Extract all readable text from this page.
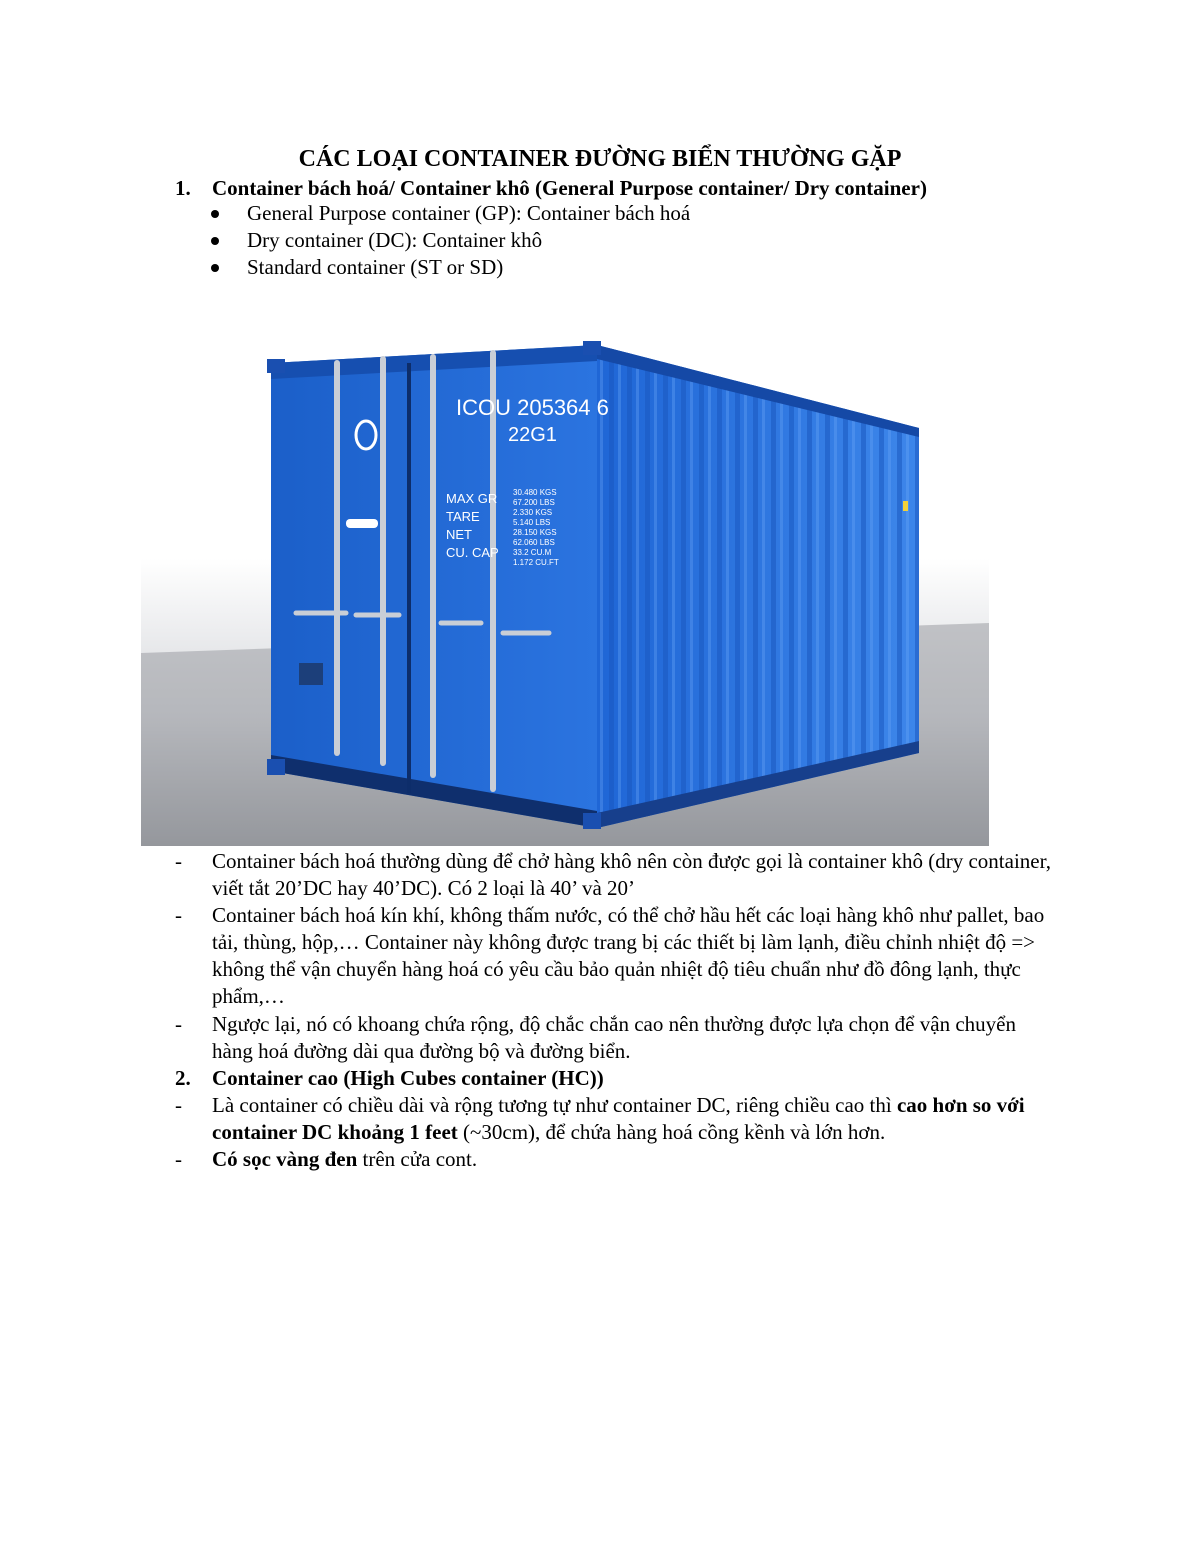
CÁC LOẠI CONTAINER ĐƯỜNG BIỂN THƯỜNG GẶP
1.	Container bách hoá/ Container khô (General Purpose container/ Dry container)
General Purpose container (GP): Container bách hoá
Dry container (DC): Container khô
Standard container (ST or SD)
ICOU 205364 6
22G1
MAX GR
TARE
NET
CU. CAP
30.480 KGS
67.200 LBS
2.330 KGS
5.140 LBS
28.150 KGS
62.060 LBS
33.2 CU.M
1.172 CU.FT
- Container bách hoá thường dùng để chở hàng khô nên còn được gọi là container khô (dry container, viết tắt 20’DC hay 40’DC). Có 2 loại là 40’ và 20’
- Container bách hoá kín khí, không thấm nước, có thể chở hầu hết các loại hàng khô như pallet, bao tải, thùng, hộp,… Container này không được trang bị các thiết bị làm lạnh, điều chỉnh nhiệt độ => không thể vận chuyển hàng hoá có yêu cầu bảo quản nhiệt độ tiêu chuẩn như đồ đông lạnh, thực phẩm,…
- Ngược lại, nó có khoang chứa rộng, độ chắc chắn cao nên thường được lựa chọn để vận chuyển hàng hoá đường dài qua đường bộ và đường biển.
2.	Container cao (High Cubes container (HC))
- Là container có chiều dài và rộng tương tự như container DC, riêng chiều cao thì cao hơn so với container DC khoảng 1 feet (~30cm), để chứa hàng hoá cồng kềnh và lớn hơn.
- Có sọc vàng đen trên cửa cont.
